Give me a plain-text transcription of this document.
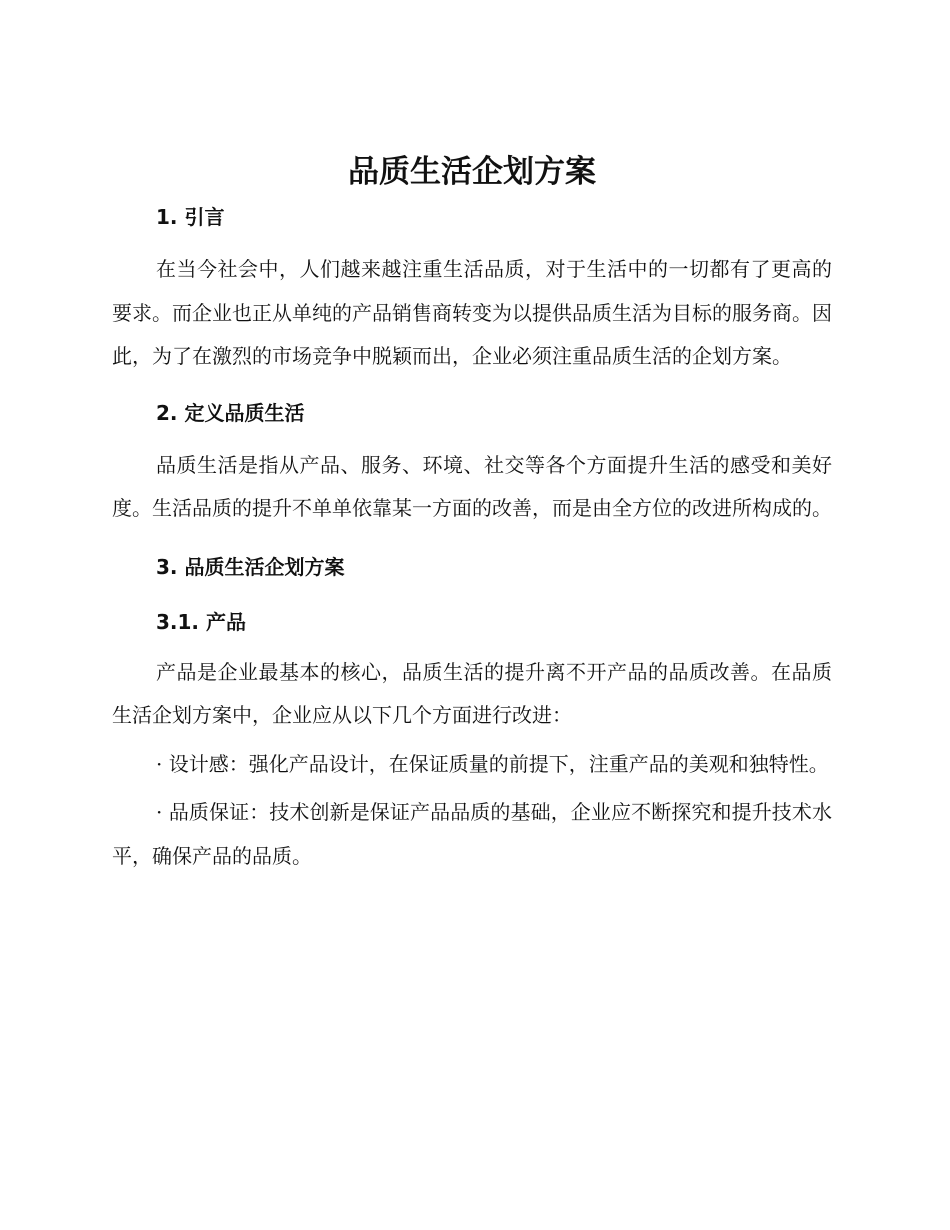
品质生活企划方案
1. 引言

在当今社会中，人们越来越注重生活品质，对于生活中的一切都有了更高的要求。而企业也正从单纯的产品销售商转变为以提供品质生活为目标的服务商。因此，为了在激烈的市场竞争中脱颖而出，企业必须注重品质生活的企划方案。

2. 定义品质生活

品质生活是指从产品、服务、环境、社交等各个方面提升生活的感受和美好度。生活品质的提升不单单依靠某一方面的改善，而是由全方位的改进所构成的。

3. 品质生活企划方案
3.1. 产品

产品是企业最基本的核心，品质生活的提升离不开产品的品质改善。在品质生活企划方案中，企业应从以下几个方面进行改进：

· 设计感：强化产品设计，在保证质量的前提下，注重产品的美观和独特性。

· 品质保证：技术创新是保证产品品质的基础，企业应不断探究和提升技术水平，确保产品的品质。
